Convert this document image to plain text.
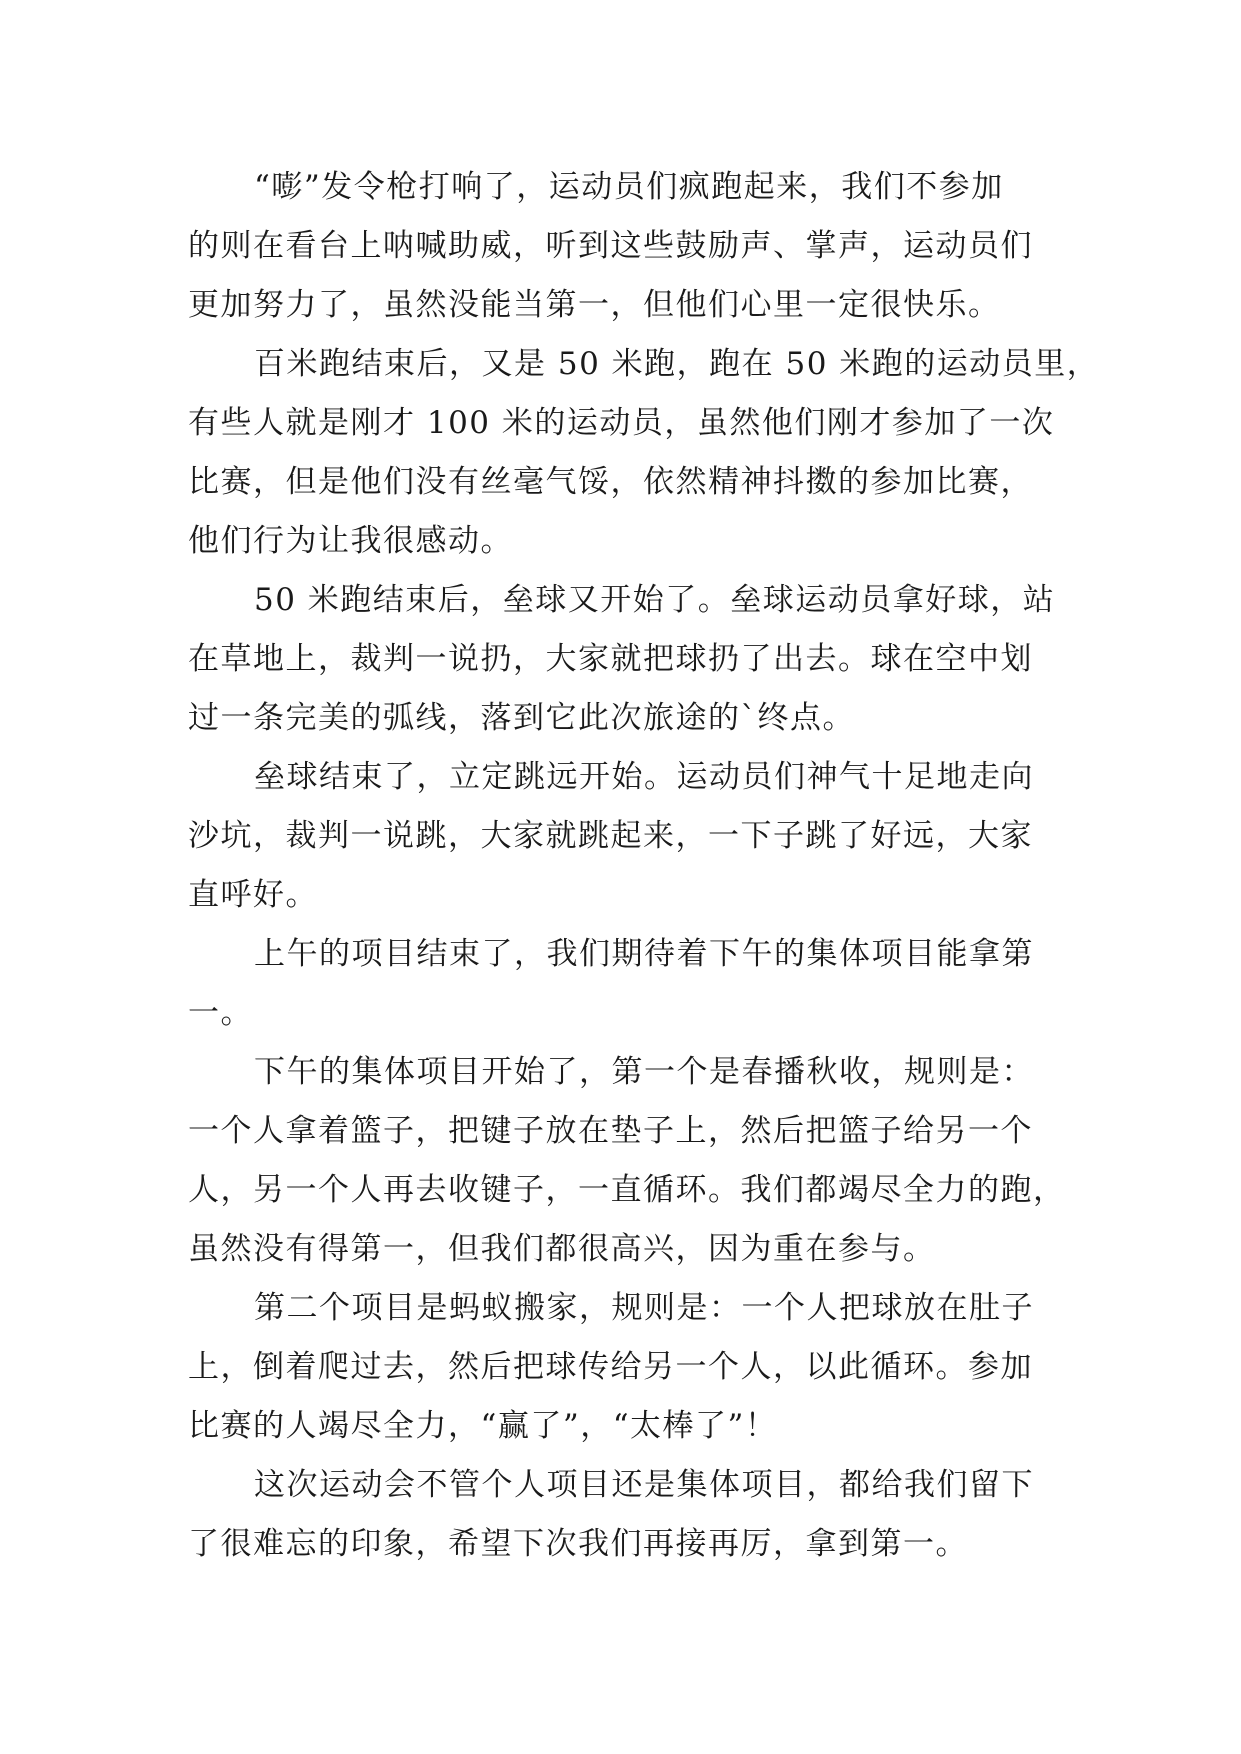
“嘭”发令枪打响了，运动员们疯跑起来，我们不参加
的则在看台上呐喊助威，听到这些鼓励声、掌声，运动员们
更加努力了，虽然没能当第一，但他们心里一定很快乐。
百米跑结束后，又是 50 米跑，跑在 50 米跑的运动员里，
有些人就是刚才 100 米的运动员，虽然他们刚才参加了一次
比赛，但是他们没有丝毫气馁，依然精神抖擞的参加比赛，
他们行为让我很感动。
50 米跑结束后，垒球又开始了。垒球运动员拿好球，站
在草地上，裁判一说扔，大家就把球扔了出去。球在空中划
过一条完美的弧线，落到它此次旅途的`终点。
垒球结束了，立定跳远开始。运动员们神气十足地走向
沙坑，裁判一说跳，大家就跳起来，一下子跳了好远，大家
直呼好。
上午的项目结束了，我们期待着下午的集体项目能拿第
一。
下午的集体项目开始了，第一个是春播秋收，规则是：
一个人拿着篮子，把键子放在垫子上，然后把篮子给另一个
人，另一个人再去收键子，一直循环。我们都竭尽全力的跑，
虽然没有得第一，但我们都很高兴，因为重在参与。
第二个项目是蚂蚁搬家，规则是：一个人把球放在肚子
上，倒着爬过去，然后把球传给另一个人，以此循环。参加
比赛的人竭尽全力，“赢了”，“太棒了”！
这次运动会不管个人项目还是集体项目，都给我们留下
了很难忘的印象，希望下次我们再接再厉，拿到第一。
